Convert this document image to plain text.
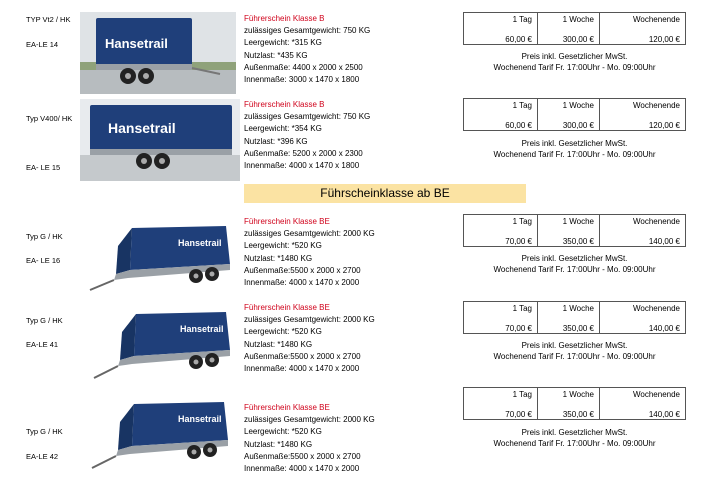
TYP Vt2 / HK
EA-LE 14	Hansetrail
Führerschein Klasse B
zulässiges Gesamtgewicht: 750 KG
Leergewicht: *315 KG
Nutzlast: *435 KG
Außenmaße: 4400 x 2000 x 2500
Innenmaße: 3000 x 1470 x 1800
1 Tag	1 Woche	Wochenende
60,00 €	300,00 €	120,00 €
Preis inkl. Gesetzlicher MwSt.
Wochenend Tarif Fr. 17:00Uhr - Mo. 09:00Uhr
Typ V400/ HK
EA- LE 15
Hansetrail
Führerschein Klasse B
zulässiges Gesamtgewicht: 750 KG
Leergewicht: *354 KG
Nutzlast: *396 KG
Außenmaße: 5200 x 2000 x 2300
Innenmaße: 4000 x 1470 x 1800
1 Tag	1 Woche	Wochenende
60,00 €	300,00 €	120,00 €
Preis inkl. Gesetzlicher MwSt.
Wochenend Tarif Fr. 17:00Uhr - Mo. 09:00Uhr
Führscheinklasse ab BE
Typ G / HK
EA- LE 16
Hansetrail
Führerschein Klasse BE
zulässiges Gesamtgewicht: 2000 KG
Leergewicht: *520 KG
Nutzlast: *1480 KG
Außenmaße:5500 x 2000 x 2700
Innenmaße: 4000 x 1470 x 2000
1 Tag	1 Woche	Wochenende
70,00 €	350,00 €	140,00 €
Preis inkl. Gesetzlicher MwSt.
Wochenend Tarif Fr. 17:00Uhr - Mo. 09:00Uhr
Typ G / HK
EA-LE 41
Hansetrail
Führerschein Klasse BE
zulässiges Gesamtgewicht: 2000 KG
Leergewicht: *520 KG
Nutzlast: *1480 KG
Außenmaße:5500 x 2000 x 2700
Innenmaße: 4000 x 1470 x 2000
1 Tag	1 Woche	Wochenende
70,00 €	350,00 €	140,00 €
Preis inkl. Gesetzlicher MwSt.
Wochenend Tarif Fr. 17:00Uhr - Mo. 09:00Uhr
Typ G / HK
EA-LE 42
Hansetrail
Führerschein Klasse BE
zulässiges Gesamtgewicht: 2000 KG
Leergewicht: *520 KG
Nutzlast: *1480 KG
Außenmaße:5500 x 2000 x 2700
Innenmaße: 4000 x 1470 x 2000
1 Tag	1 Woche	Wochenende
70,00 €	350,00 €	140,00 €
Preis inkl. Gesetzlicher MwSt.
Wochenend Tarif Fr. 17:00Uhr - Mo. 09:00Uhr
